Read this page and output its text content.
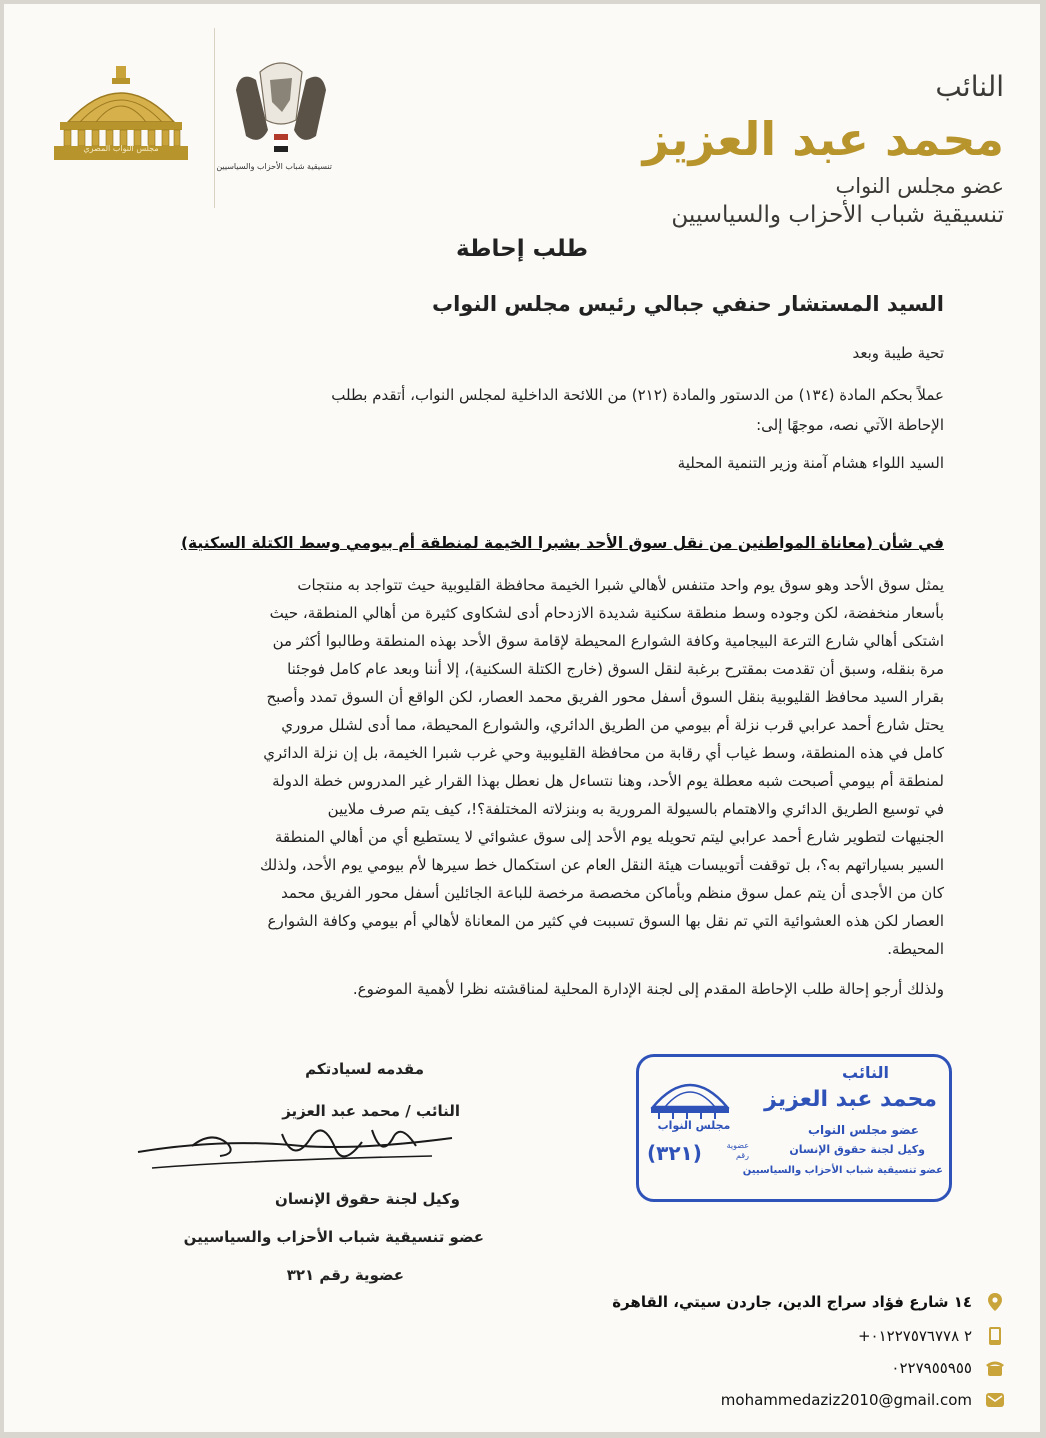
مجلس النواب المصري
تنسيقية شباب الأحزاب والسياسيين
النائب
محمد عبد العزيز
عضو مجلس النواب
تنسيقية شباب الأحزاب والسياسيين
طلب إحاطة
السيد المستشار حنفي جبالي رئيس مجلس النواب
تحية طيبة وبعد
عملاً بحكم المادة (١٣٤) من الدستور والمادة (٢١٢) من اللائحة الداخلية لمجلس النواب، أتقدم بطلب
الإحاطة الآتي نصه، موجهًا إلى:
السيد اللواء هشام آمنة وزير التنمية المحلية
في شأن (معاناة المواطنين من نقل سوق الأحد بشبرا الخيمة لمنطقة أم بيومي وسط الكتلة السكنية)
يمثل سوق الأحد وهو سوق يوم واحد متنفس لأهالي شبرا الخيمة محافظة القليوبية حيث تتواجد به منتجات
بأسعار منخفضة، لكن وجوده وسط منطقة سكنية شديدة الازدحام أدى لشكاوى كثيرة من أهالي المنطقة، حيث
اشتكى أهالي شارع الترعة البيجامية وكافة الشوارع المحيطة لإقامة سوق الأحد بهذه المنطقة وطالبوا أكثر من
مرة بنقله، وسبق أن تقدمت بمقترح برغبة لنقل السوق (خارج الكتلة السكنية)، إلا أننا وبعد عام كامل فوجئنا
بقرار السيد محافظ القليوبية بنقل السوق أسفل محور الفريق محمد العصار، لكن الواقع أن السوق تمدد وأصبح
يحتل شارع أحمد عرابي قرب نزلة أم بيومي من الطريق الدائري، والشوارع المحيطة، مما أدى لشلل مروري
كامل في هذه المنطقة، وسط غياب أي رقابة من محافظة القليوبية وحي غرب شبرا الخيمة، بل إن نزلة الدائري
لمنطقة أم بيومي أصبحت شبه معطلة يوم الأحد، وهنا نتساءل هل نعطل بهذا القرار غير المدروس خطة الدولة
في توسيع الطريق الدائري والاهتمام بالسيولة المرورية به وبنزلاته المختلفة؟!، كيف يتم صرف ملايين
الجنيهات لتطوير شارع أحمد عرابي ليتم تحويله يوم الأحد إلى سوق عشوائي لا يستطيع أي من أهالي المنطقة
السير بسياراتهم به؟، بل توقفت أتوبيسات هيئة النقل العام عن استكمال خط سيرها لأم بيومي يوم الأحد، ولذلك
كان من الأجدى أن يتم عمل سوق منظم وبأماكن مخصصة مرخصة للباعة الجائلين أسفل محور الفريق محمد
العصار لكن هذه العشوائية التي تم نقل بها السوق تسببت في كثير من المعاناة لأهالي أم بيومي وكافة الشوارع
المحيطة.
ولذلك أرجو إحالة طلب الإحاطة المقدم إلى لجنة الإدارة المحلية لمناقشته نظرا لأهمية الموضوع.
مقدمه لسيادتكم
النائب / محمد عبد العزيز
وكيل لجنة حقوق الإنسان
عضو تنسيقية شباب الأحزاب والسياسيين
عضوية رقم ٣٢١
النائب
محمد عبد العزيز
عضو مجلس النواب
وكيل لجنة حقوق الإنسان
عضو تنسيقية شباب الأحزاب والسياسيين
مجلس النواب
عضوية رقم
(٣٢١)
١٤ شارع فؤاد سراج الدين، جاردن سيتي، القاهرة
+٢ ٠١٢٢٧٥٧٦٧٧٨
٠٢٢٧٩٥٥٩٥٥
mohammedaziz2010@gmail.com
